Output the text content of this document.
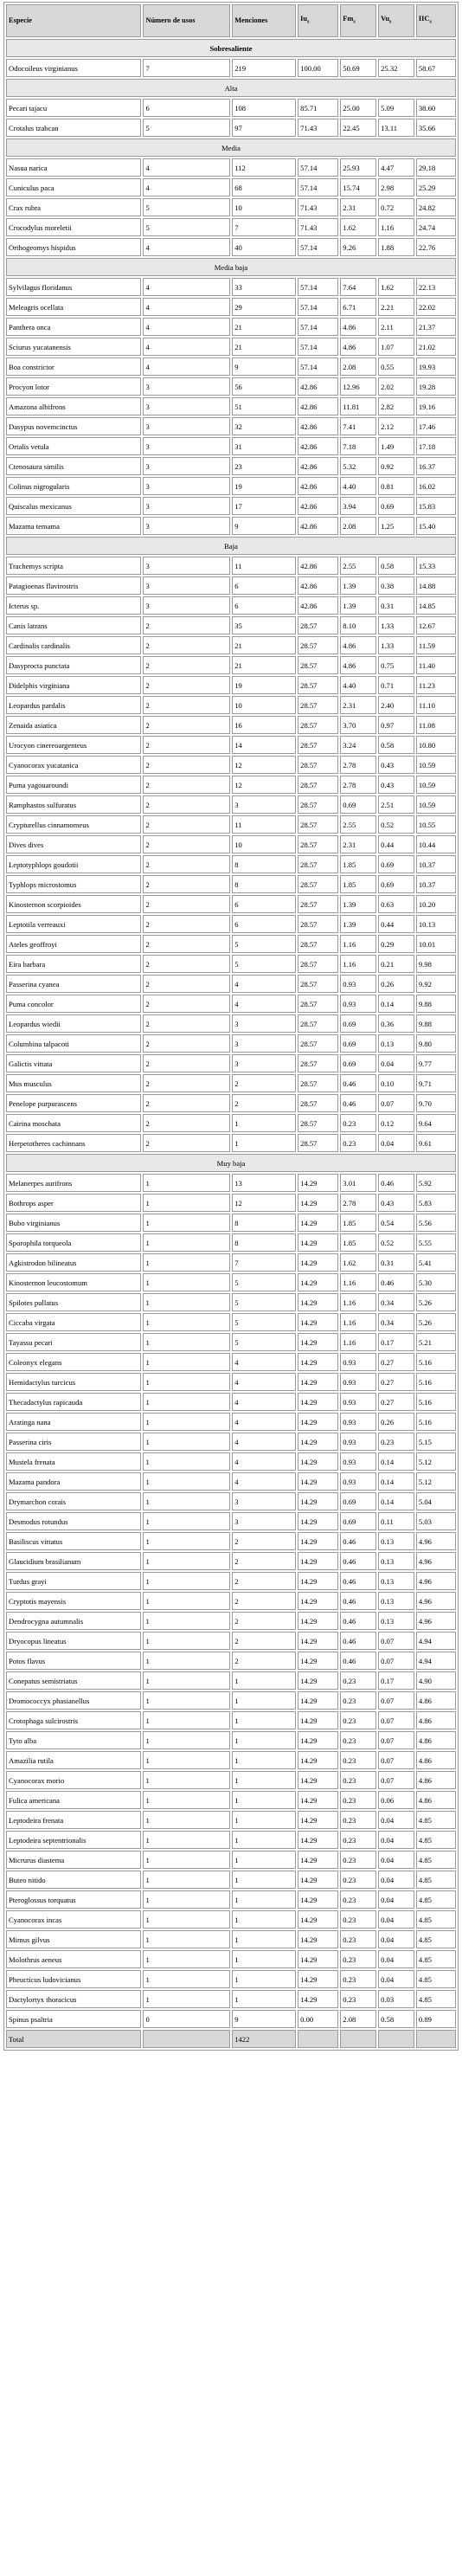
Especie	Número de usos	Menciones	$Iu_s$	$Fm_s$	$Vu_s$	$IIC_s$
Sobresaliente						
Odocoileus virginianus	7	219	100.00	50.69	25.32	58.67
Alta						
Pecari tajacu	6	108	85.71	25.00	5.09	38.60
Crotalus tzabcan	5	97	71.43	22.45	13.11	35.66
Media						
Nasua narica	4	112	57.14	25.93	4.47	29.18
Cuniculus paca	4	68	57.14	15.74	2.98	25.29
Crax rubra	5	10	71.43	2.31	0.72	24.82
Crocodylus moreletii	5	7	71.43	1.62	1.16	24.74
Orthogeomys hispidus	4	40	57.14	9.26	1.88	22.76
Media baja						
Sylvilagus floridanus	4	33	57.14	7.64	1.62	22.13
Meleagris ocellata	4	29	57.14	6.71	2.21	22.02
Panthera onca	4	21	57.14	4.86	2.11	21.37
Sciurus yucatanensis	4	21	57.14	4.86	1.07	21.02
Boa constrictor	4	9	57.14	2.08	0.55	19.93
Procyon lotor	3	56	42.86	12.96	2.02	19.28
Amazona albifrons	3	51	42.86	11.81	2.82	19.16
Dasypus novemcinctus	3	32	42.86	7.41	2.12	17.46
Ortalis vetula	3	31	42.86	7.18	1.49	17.18
Ctenosaura similis	3	23	42.86	5.32	0.92	16.37
Colinus nigrogularis	3	19	42.86	4.40	0.81	16.02
Quiscalus mexicanus	3	17	42.86	3.94	0.69	15.83
Mazama temama	3	9	42.86	2.08	1.25	15.40
Baja						
Trachemys scripta	3	11	42.86	2.55	0.58	15.33
Patagioenas flavirostris	3	6	42.86	1.39	0.38	14.88
Icterus sp.	3	6	42.86	1.39	0.31	14.85
Canis latrans	2	35	28.57	8.10	1.33	12.67
Cardinalis cardinalis	2	21	28.57	4.86	1.33	11.59
Dasyprocta punctata	2	21	28.57	4.86	0.75	11.40
Didelphis virginiana	2	19	28.57	4.40	0.71	11.23
Leopardus pardalis	2	10	28.57	2.31	2.40	11.10
Zenaida asiatica	2	16	28.57	3.70	0.97	11.08
Urocyon cinereoargenteus	2	14	28.57	3.24	0.58	10.80
Cyanocorax yucatanica	2	12	28.57	2.78	0.43	10.59
Puma yagouaroundi	2	12	28.57	2.78	0.43	10.59
Ramphastos sulfuratus	2	3	28.57	0.69	2.51	10.59
Crypturellus cinnamomeus	2	11	28.57	2.55	0.52	10.55
Dives dives	2	10	28.57	2.31	0.44	10.44
Leptotyphlops goudotii	2	8	28.57	1.85	0.69	10.37
Typhlops microstomus	2	8	28.57	1.85	0.69	10.37
Kinosternon scorpioides	2	6	28.57	1.39	0.63	10.20
Leptotila verreauxi	2	6	28.57	1.39	0.44	10.13
Ateles geoffroyi	2	5	28.57	1.16	0.29	10.01
Eira barbara	2	5	28.57	1.16	0.21	9.98
Passerina cyanea	2	4	28.57	0.93	0.26	9.92
Puma concolor	2	4	28.57	0.93	0.14	9.88
Leopardus wiedii	2	3	28.57	0.69	0.36	9.88
Columbina talpacoti	2	3	28.57	0.69	0.13	9.80
Galictis vittata	2	3	28.57	0.69	0.04	9.77
Mus musculus	2	2	28.57	0.46	0.10	9.71
Penelope purpurascens	2	2	28.57	0.46	0.07	9.70
Cairina moschata	2	1	28.57	0.23	0.12	9.64
Herpetotheres cachinnans	2	1	28.57	0.23	0.04	9.61
Muy baja						
Melanerpes aurifrons	1	13	14.29	3.01	0.46	5.92
Bothrops asper	1	12	14.29	2.78	0.43	5.83
Bubo virginianus	1	8	14.29	1.85	0.54	5.56
Sporophila torqueola	1	8	14.29	1.85	0.52	5.55
Agkistrodon bilineatus	1	7	14.29	1.62	0.31	5.41
Kinosternon leucostomum	1	5	14.29	1.16	0.46	5.30
Spilotes pullatus	1	5	14.29	1.16	0.34	5.26
Ciccaba virgata	1	5	14.29	1.16	0.34	5.26
Tayassu pecari	1	5	14.29	1.16	0.17	5.21
Coleonyx elegans	1	4	14.29	0.93	0.27	5.16
Hemidactylus turcicus	1	4	14.29	0.93	0.27	5.16
Thecadactylus rapicauda	1	4	14.29	0.93	0.27	5.16
Aratinga nana	1	4	14.29	0.93	0.26	5.16
Passerina ciris	1	4	14.29	0.93	0.23	5.15
Mustela frenata	1	4	14.29	0.93	0.14	5.12
Mazama pandora	1	4	14.29	0.93	0.14	5.12
Drymarchon corais	1	3	14.29	0.69	0.14	5.04
Desmodus rotundus	1	3	14.29	0.69	0.11	5.03
Basiliscus vittatus	1	2	14.29	0.46	0.13	4.96
Glaucidium brasilianum	1	2	14.29	0.46	0.13	4.96
Turdus grayi	1	2	14.29	0.46	0.13	4.96
Cryptotis mayensis	1	2	14.29	0.46	0.13	4.96
Dendrocygna autumnalis	1	2	14.29	0.46	0.13	4.96
Dryocopus lineatus	1	2	14.29	0.46	0.07	4.94
Potos flavus	1	2	14.29	0.46	0.07	4.94
Conepatus semistriatus	1	1	14.29	0.23	0.17	4.90
Dromococcyx phasianellus	1	1	14.29	0.23	0.07	4.86
Crotophaga sulcirostris	1	1	14.29	0.23	0.07	4.86
Tyto alba	1	1	14.29	0.23	0.07	4.86
Amazilia rutila	1	1	14.29	0.23	0.07	4.86
Cyanocorax morio	1	1	14.29	0.23	0.07	4.86
Fulica americana	1	1	14.29	0.23	0.06	4.86
Leptodeira frenata	1	1	14.29	0.23	0.04	4.85
Leptodeira septentrionalis	1	1	14.29	0.23	0.04	4.85
Micrurus diastema	1	1	14.29	0.23	0.04	4.85
Buteo nitido	1	1	14.29	0.23	0.04	4.85
Pteroglossus torquatus	1	1	14.29	0.23	0.04	4.85
Cyanocorax incas	1	1	14.29	0.23	0.04	4.85
Mimus gilvus	1	1	14.29	0.23	0.04	4.85
Molothrus aeneus	1	1	14.29	0.23	0.04	4.85
Pheucticus ludovicianus	1	1	14.29	0.23	0.04	4.85
Dactylortyx thoracicus	1	1	14.29	0.23	0.03	4.85
Spinus psaltria	0	9	0.00	2.08	0.58	0.89
Total		1422				
